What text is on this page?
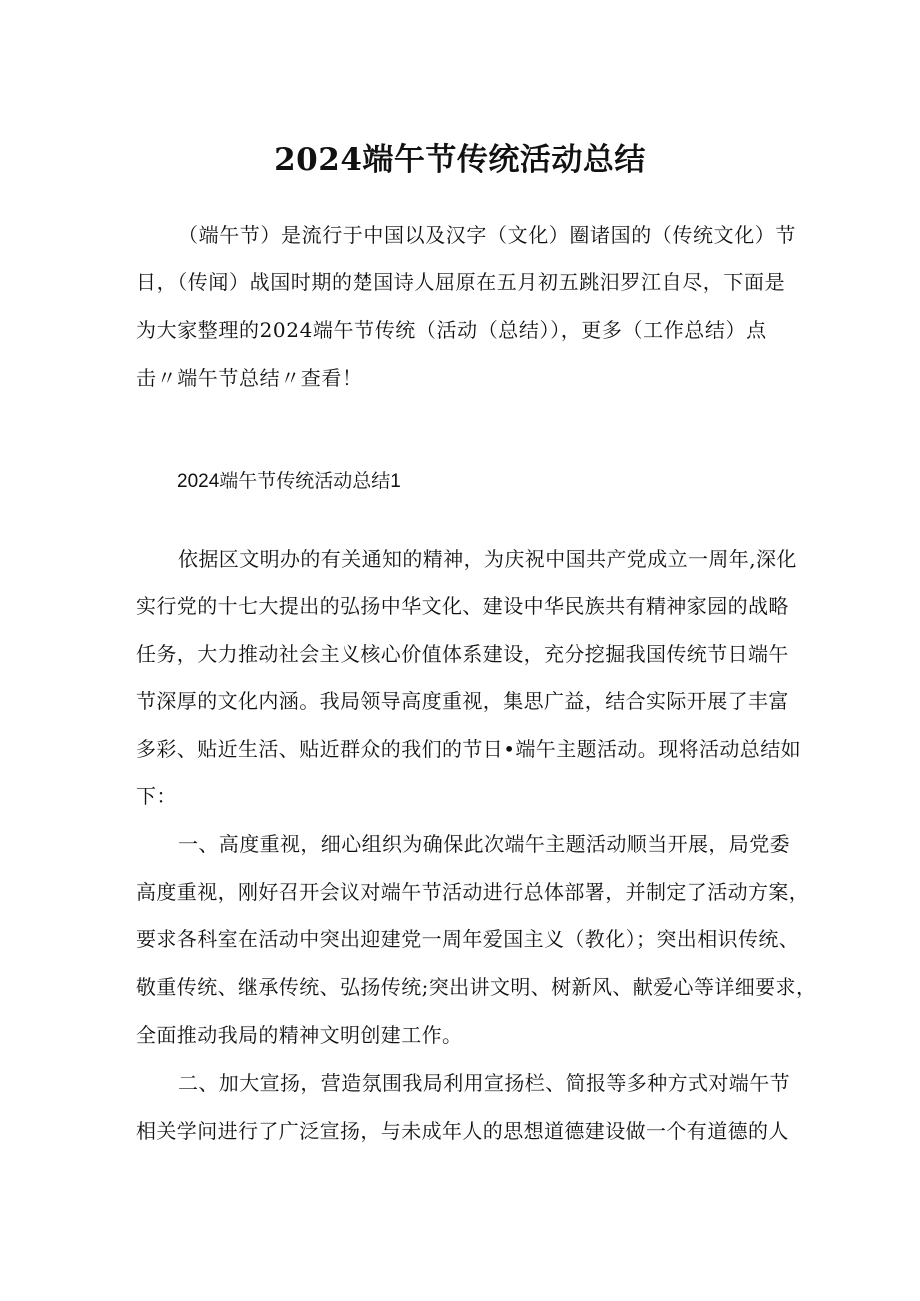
2024端午节传统活动总结
（端午节）是流行于中国以及汉字（文化）圈诸国的（传统文化）节
日，（传闻）战国时期的楚国诗人屈原在五月初五跳汨罗江自尽，下面是
为大家整理的2024端午节传统（活动（总结）），更多（工作总结）点
击〃端午节总结〃查看！
2024端午节传统活动总结1
依据区文明办的有关通知的精神，为庆祝中国共产党成立一周年,深化
实行党的十七大提出的弘扬中华文化、建设中华民族共有精神家园的战略
任务，大力推动社会主义核心价值体系建设，充分挖掘我国传统节日端午
节深厚的文化内涵。我局领导高度重视，集思广益，结合实际开展了丰富
多彩、贴近生活、贴近群众的我们的节日•端午主题活动。现将活动总结如
下：
一、高度重视，细心组织为确保此次端午主题活动顺当开展，局党委
高度重视，刚好召开会议对端午节活动进行总体部署，并制定了活动方案，
要求各科室在活动中突出迎建党一周年爱国主义（教化）；突出相识传统、
敬重传统、继承传统、弘扬传统;突出讲文明、树新风、献爱心等详细要求，
全面推动我局的精神文明创建工作。
二、加大宣扬，营造氛围我局利用宣扬栏、简报等多种方式对端午节
相关学问进行了广泛宣扬，与未成年人的思想道德建设做一个有道德的人
